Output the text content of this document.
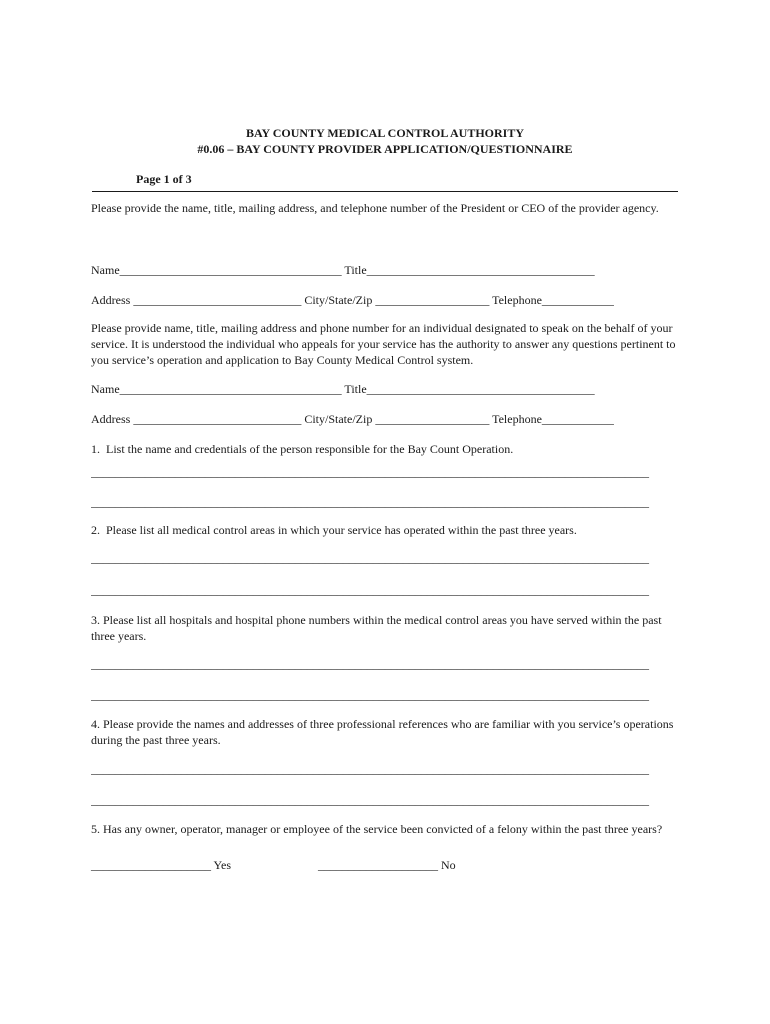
BAY COUNTY MEDICAL CONTROL AUTHORITY

#0.06 – BAY COUNTY PROVIDER APPLICATION/QUESTIONNAIRE

Page 1 of 3

Please provide the name, title, mailing address, and telephone number of the President or CEO of the provider agency.

Name_____________________________________ Title______________________________________

Address ____________________________ City/State/Zip ___________________ Telephone____________

Please provide name, title, mailing address and phone number for an individual designated to speak on the behalf of your service. It is understood the individual who appeals for your service has the authority to answer any questions pertinent to you service’s operation and application to Bay County Medical Control system.

Name_____________________________________ Title______________________________________

Address ____________________________ City/State/Zip ___________________ Telephone____________

1.  List the name and credentials of the person responsible for the Bay Count Operation.

_____________________________________________________________________________________________
_____________________________________________________________________________________________

2.  Please list all medical control areas in which your service has operated within the past three years.

_____________________________________________________________________________________________
_____________________________________________________________________________________________

3. Please list all hospitals and hospital phone numbers within the medical control areas you have served within the past three years.

_____________________________________________________________________________________________
_____________________________________________________________________________________________

4. Please provide the names and addresses of three professional references who are familiar with you service’s operations during the past three years.

_____________________________________________________________________________________________
_____________________________________________________________________________________________

5. Has any owner, operator, manager or employee of the service been convicted of a felony within the past three years?

____________________ Yes	____________________ No
